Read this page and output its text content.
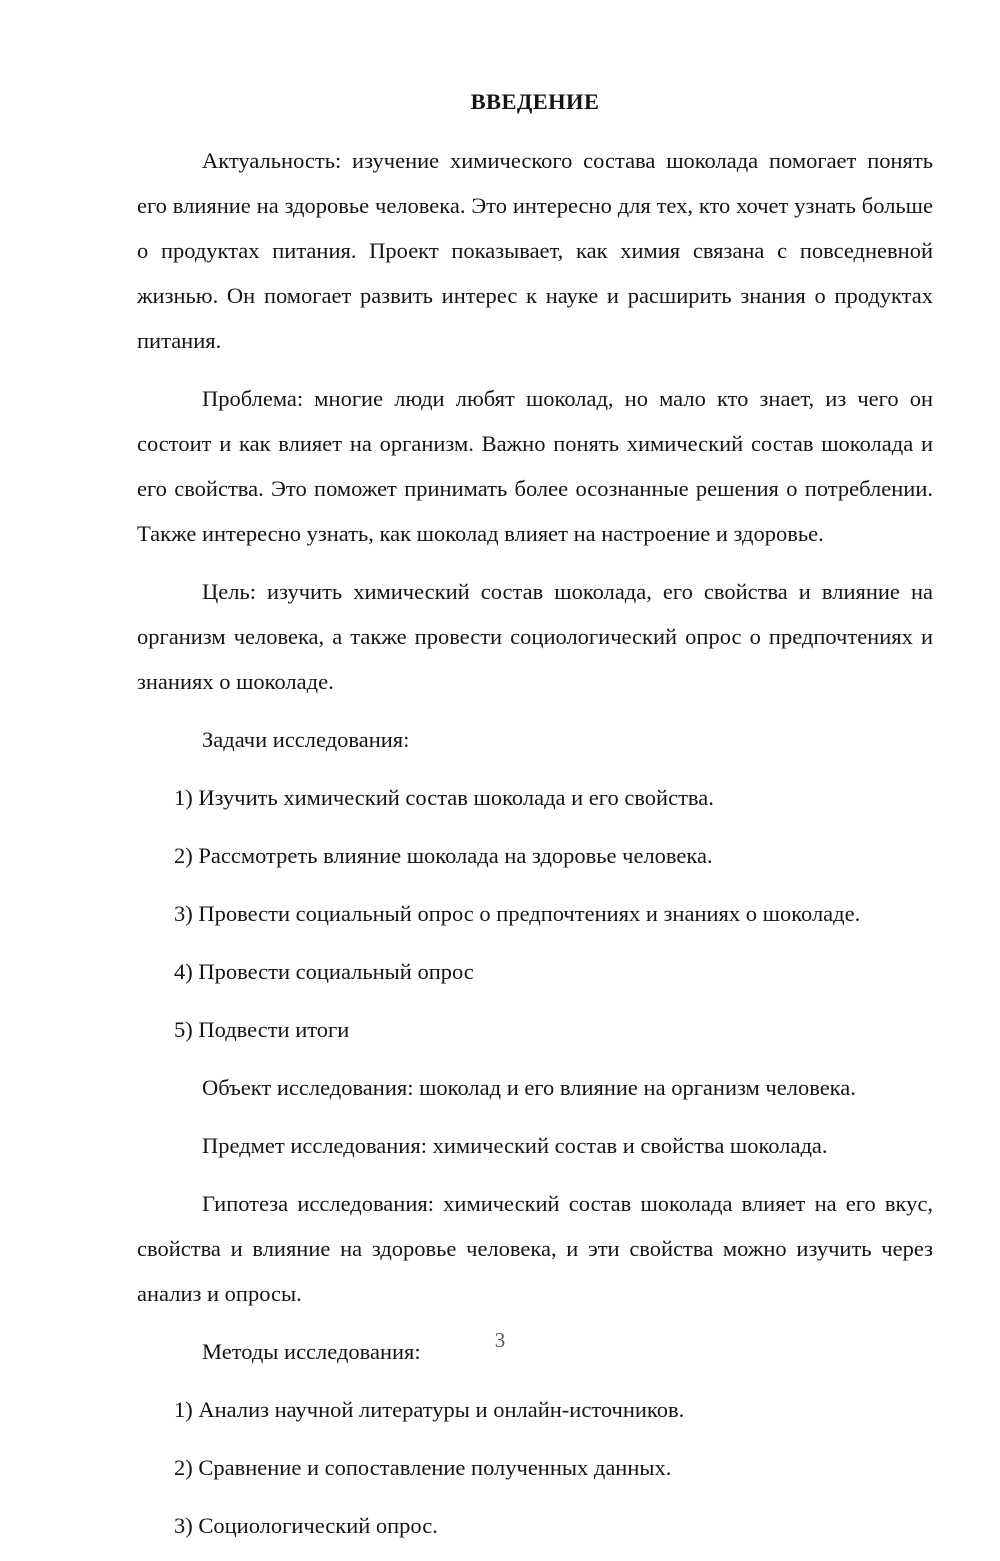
ВВЕДЕНИЕ

Актуальность: изучение химического состава шоколада помогает понять его влияние на здоровье человека. Это интересно для тех, кто хочет узнать больше о продуктах питания. Проект показывает, как химия связана с повседневной жизнью. Он помогает развить интерес к науке и расширить знания о продуктах питания.

Проблема: многие люди любят шоколад, но мало кто знает, из чего он состоит и как влияет на организм. Важно понять химический состав шоколада и его свойства. Это поможет принимать более осознанные решения о потреблении. Также интересно узнать, как шоколад влияет на настроение и здоровье.

Цель: изучить химический состав шоколада, его свойства и влияние на организм человека, а также провести социологический опрос о предпочтениях и знаниях о шоколаде.

Задачи исследования:

1) Изучить химический состав шоколада и его свойства.

2) Рассмотреть влияние шоколада на здоровье человека.

3) Провести социальный опрос о предпочтениях и знаниях о шоколаде.

4) Провести социальный опрос

5) Подвести итоги

Объект исследования: шоколад и его влияние на организм человека.

Предмет исследования: химический состав и свойства шоколада.

Гипотеза исследования: химический состав шоколада влияет на его вкус, свойства и влияние на здоровье человека, и эти свойства можно изучить через анализ и опросы.

Методы исследования:

1) Анализ научной литературы и онлайн-источников.

2) Сравнение и сопоставление полученных данных.

3) Социологический опрос.

3
